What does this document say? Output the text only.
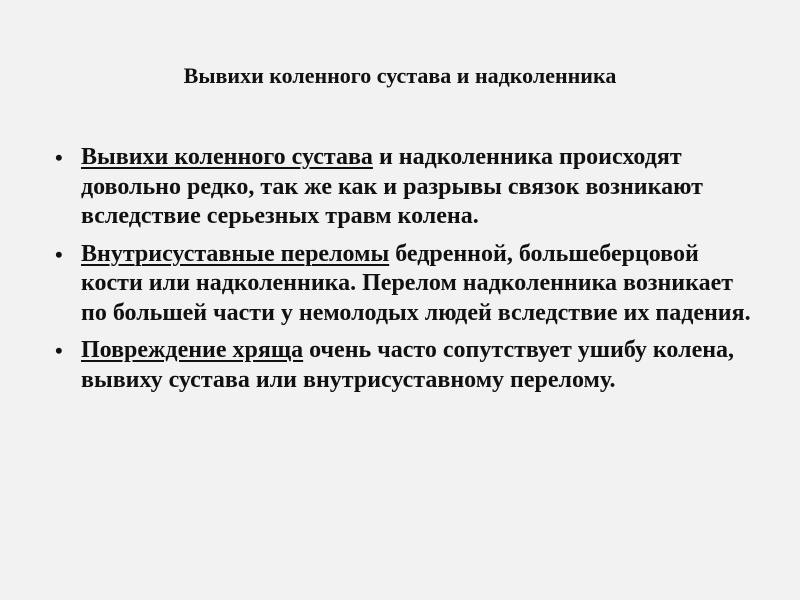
Вывихи коленного сустава и надколенника
• Вывихи коленного сустава и надколенника происходят довольно редко, так же как и разрывы связок возникают вследствие серьезных травм колена.
• Внутрисуставные переломы бедренной, большеберцовой кости или надколенника. Перелом надколенника возникает по большей части у немолодых людей вследствие их падения.
• Повреждение хряща очень часто сопутствует ушибу колена, вывиху сустава или внутрисуставному перелому.
